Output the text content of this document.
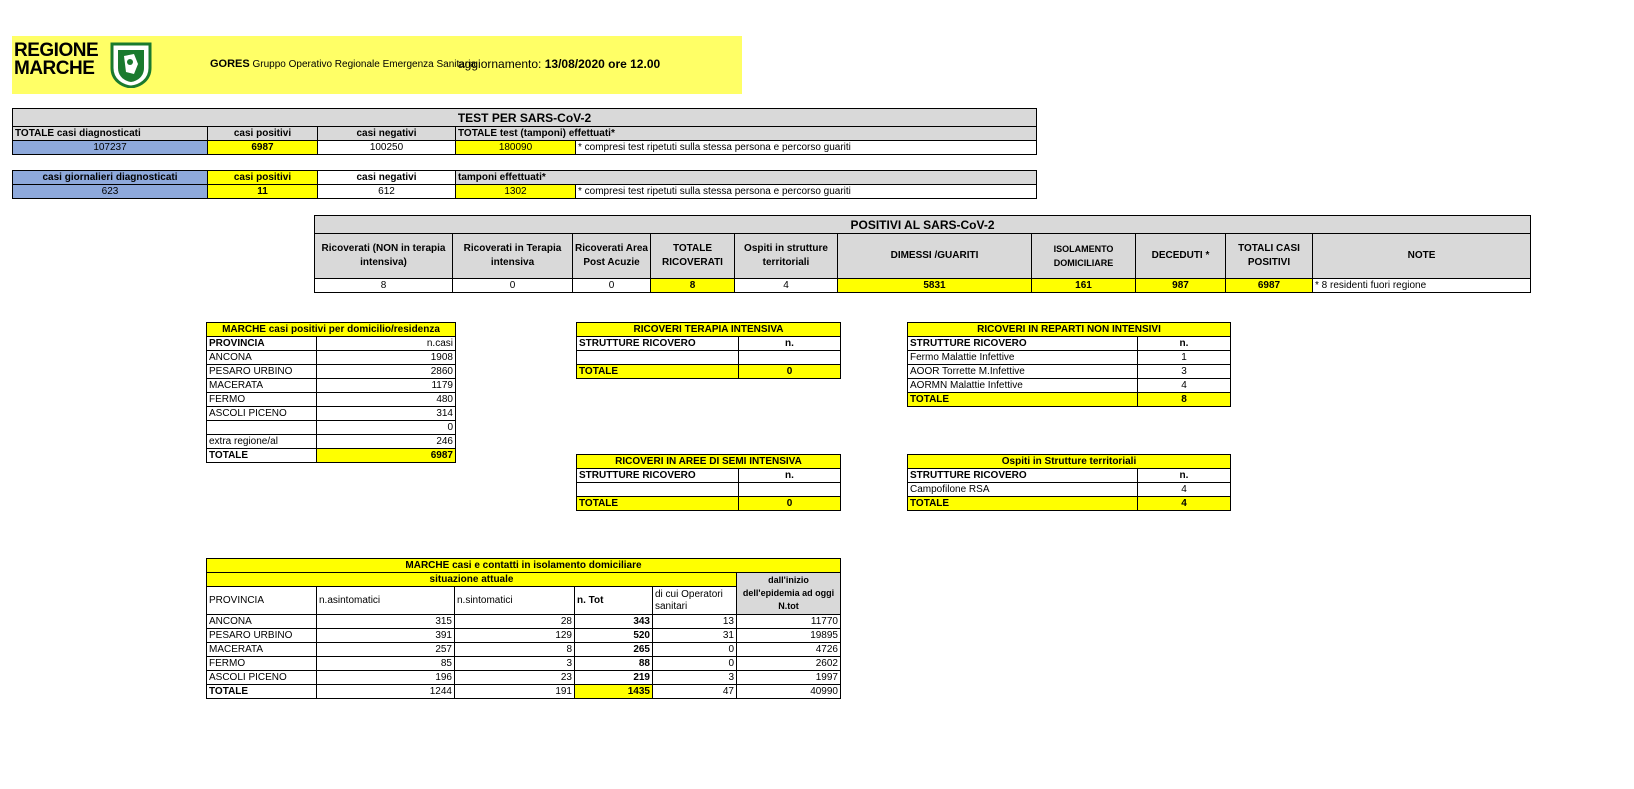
REGIONE
MARCHE	GORES Gruppo Operativo Regionale Emergenza Sanitaria
aggiornamento: 13/08/2020 ore 12.00
TEST PER SARS-CoV-2				
TOTALE casi diagnosticati	casi positivi	casi negativi	TOTALE test (tamponi) effettuati*	
107237	6987	100250	180090	* compresi test ripetuti sulla stessa persona e percorso guariti
casi giornalieri diagnosticati	casi positivi	casi negativi	tamponi effettuati*	
623	11	612	1302	* compresi test ripetuti sulla stessa persona e percorso guariti
POSITIVI AL SARS-CoV-2									
Ricoverati (NON in terapia intensiva)	Ricoverati in Terapia intensiva	Ricoverati Area Post Acuzie	TOTALE RICOVERATI	Ospiti in strutture territoriali	DIMESSI /GUARITI	ISOLAMENTO DOMICILIARE	DECEDUTI *	TOTALI CASI POSITIVI	NOTE
8	0	0	8	4	5831	161	987	6987	* 8 residenti fuori regione
MARCHE casi positivi per domicilio/residenza	
PROVINCIA	n.casi
ANCONA	1908
PESARO URBINO	2860
MACERATA	1179
FERMO	480
ASCOLI PICENO	314
	0
extra regione/al	246
TOTALE	6987
RICOVERI TERAPIA INTENSIVA	
STRUTTURE RICOVERO	n.

TOTALE	0
RICOVERI IN REPARTI NON INTENSIVI	
STRUTTURE RICOVERO	n.
Fermo Malattie Infettive	1
AOOR Torrette M.Infettive	3
AORMN Malattie Infettive	4
TOTALE	8
RICOVERI IN AREE DI SEMI INTENSIVA	
STRUTTURE RICOVERO	n.

TOTALE	0
Ospiti in Strutture territoriali	
STRUTTURE RICOVERO	n.
Campofilone RSA	4
TOTALE	4
MARCHE casi e contatti in isolamento domiciliare					
situazione attuale					dall'inizio dell'epidemia ad oggi N.tot
PROVINCIA	n.asintomatici	n.sintomatici	n. Tot	di cui Operatori sanitari	
ANCONA	315	28	343	13	11770
PESARO URBINO	391	129	520	31	19895
MACERATA	257	8	265	0	4726
FERMO	85	3	88	0	2602
ASCOLI PICENO	196	23	219	3	1997
TOTALE	1244	191	1435	47	40990
